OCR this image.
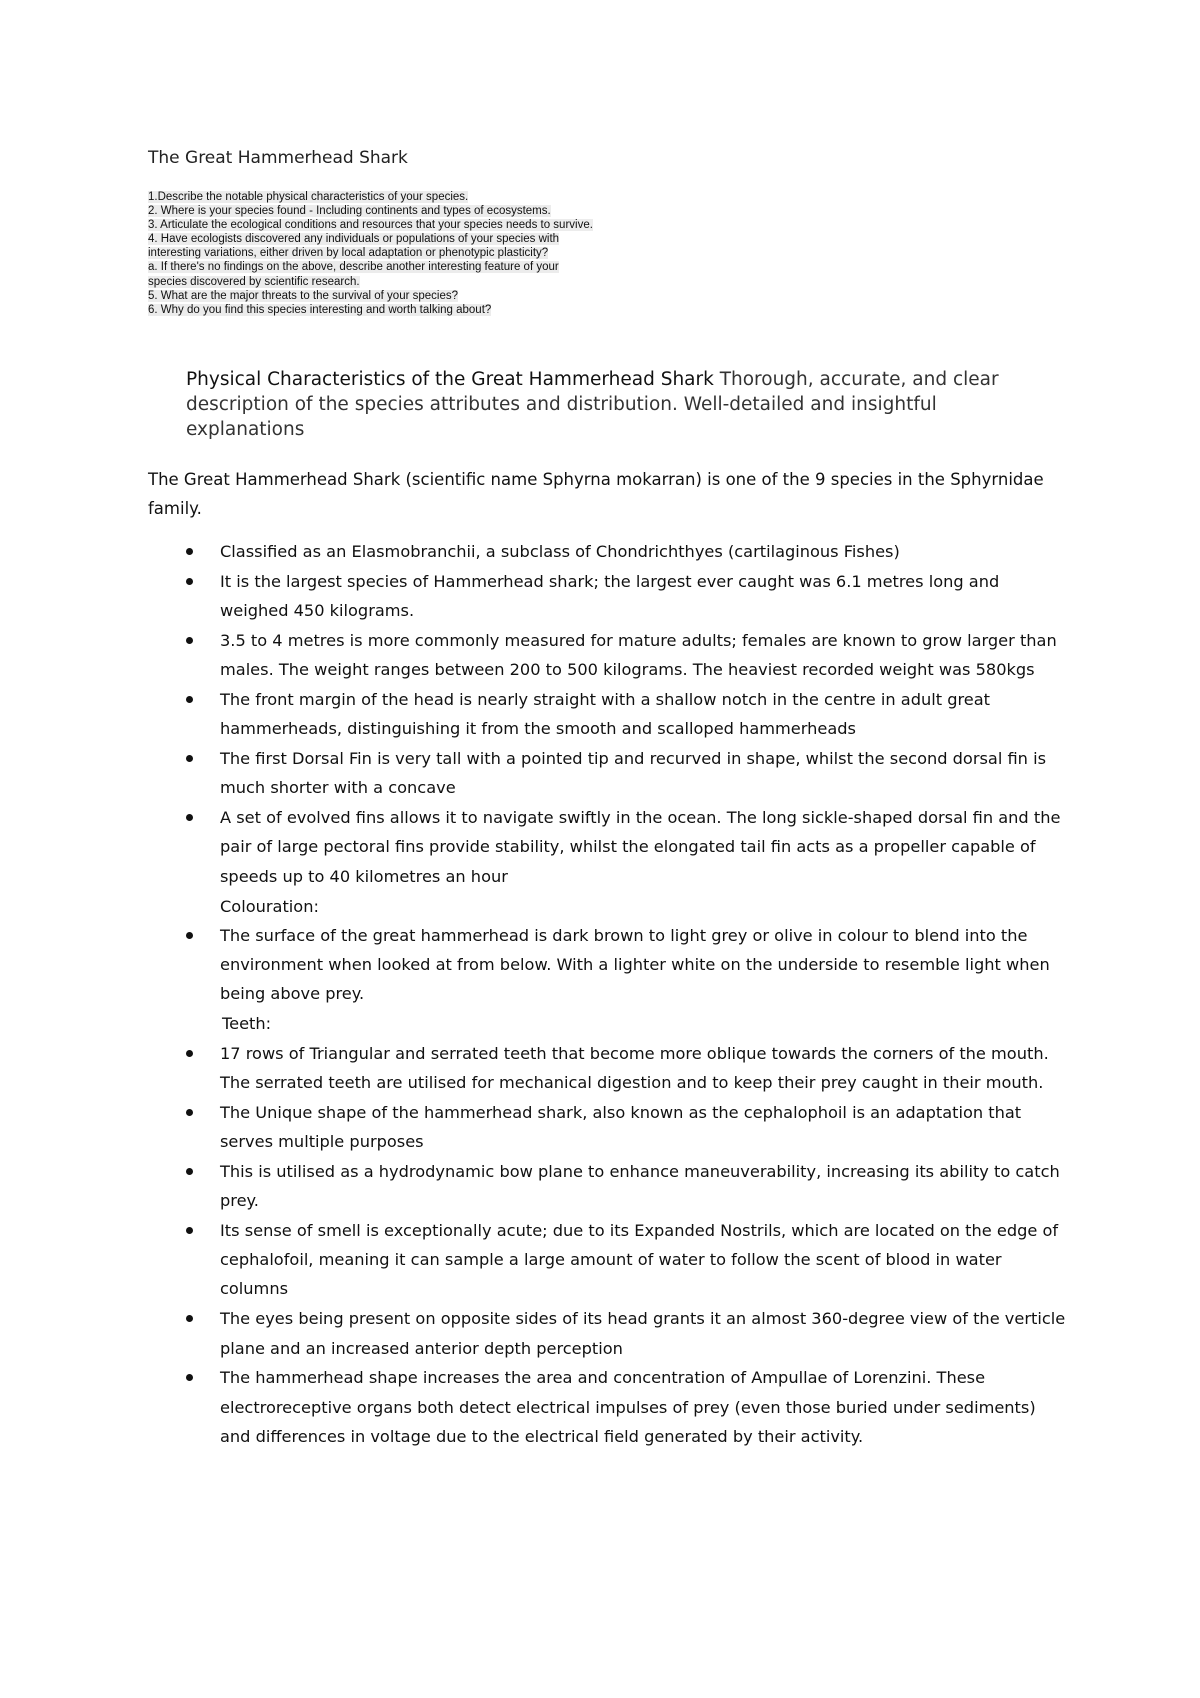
The Great Hammerhead Shark
1.Describe the notable physical characteristics of your species.
2. Where is your species found - Including continents and types of ecosystems.
3. Articulate the ecological conditions and resources that your species needs to survive.
4. Have ecologists discovered any individuals or populations of your species with
interesting variations, either driven by local adaptation or phenotypic plasticity?
a. If there's no findings on the above, describe another interesting feature of your
species discovered by scientific research.
5. What are the major threats to the survival of your species?
6. Why do you find this species interesting and worth talking about?
Physical Characteristics of the Great Hammerhead Shark Thorough, accurate, and clear description of the species attributes and distribution. Well-detailed and insightful explanations
The Great Hammerhead Shark (scientific name Sphyrna mokarran) is one of the 9 species in the Sphyrnidae family.
Classified as an Elasmobranchii, a subclass of Chondrichthyes (cartilaginous Fishes)
It is the largest species of Hammerhead shark; the largest ever caught was 6.1 metres long and weighed 450 kilograms.
3.5 to 4 metres is more commonly measured for mature adults; females are known to grow larger than males. The weight ranges between 200 to 500 kilograms. The heaviest recorded weight was 580kgs
The front margin of the head is nearly straight with a shallow notch in the centre in adult great hammerheads, distinguishing it from the smooth and scalloped hammerheads
The first Dorsal Fin is very tall with a pointed tip and recurved in shape, whilst the second dorsal fin is much shorter with a concave
A set of evolved fins allows it to navigate swiftly in the ocean. The long sickle-shaped dorsal fin and the pair of large pectoral fins provide stability, whilst the elongated tail fin acts as a propeller capable of speeds up to 40 kilometres an hour
Colouration:
The surface of the great hammerhead is dark brown to light grey or olive in colour to blend into the environment when looked at from below. With a lighter white on the underside to resemble light when being above prey.
Teeth:
17 rows of Triangular and serrated teeth that become more oblique towards the corners of the mouth. The serrated teeth are utilised for mechanical digestion and to keep their prey caught in their mouth.
The Unique shape of the hammerhead shark, also known as the cephalophoil is an adaptation that serves multiple purposes
This is utilised as a hydrodynamic bow plane to enhance maneuverability, increasing its ability to catch prey.
Its sense of smell is exceptionally acute; due to its Expanded Nostrils, which are located on the edge of cephalofoil, meaning it can sample a large amount of water to follow the scent of blood in water columns
The eyes being present on opposite sides of its head grants it an almost 360-degree view of the verticle plane and an increased anterior depth perception
The hammerhead shape increases the area and concentration of Ampullae of Lorenzini. These electroreceptive organs both detect electrical impulses of prey (even those buried under sediments) and differences in voltage due to the electrical field generated by their activity.
